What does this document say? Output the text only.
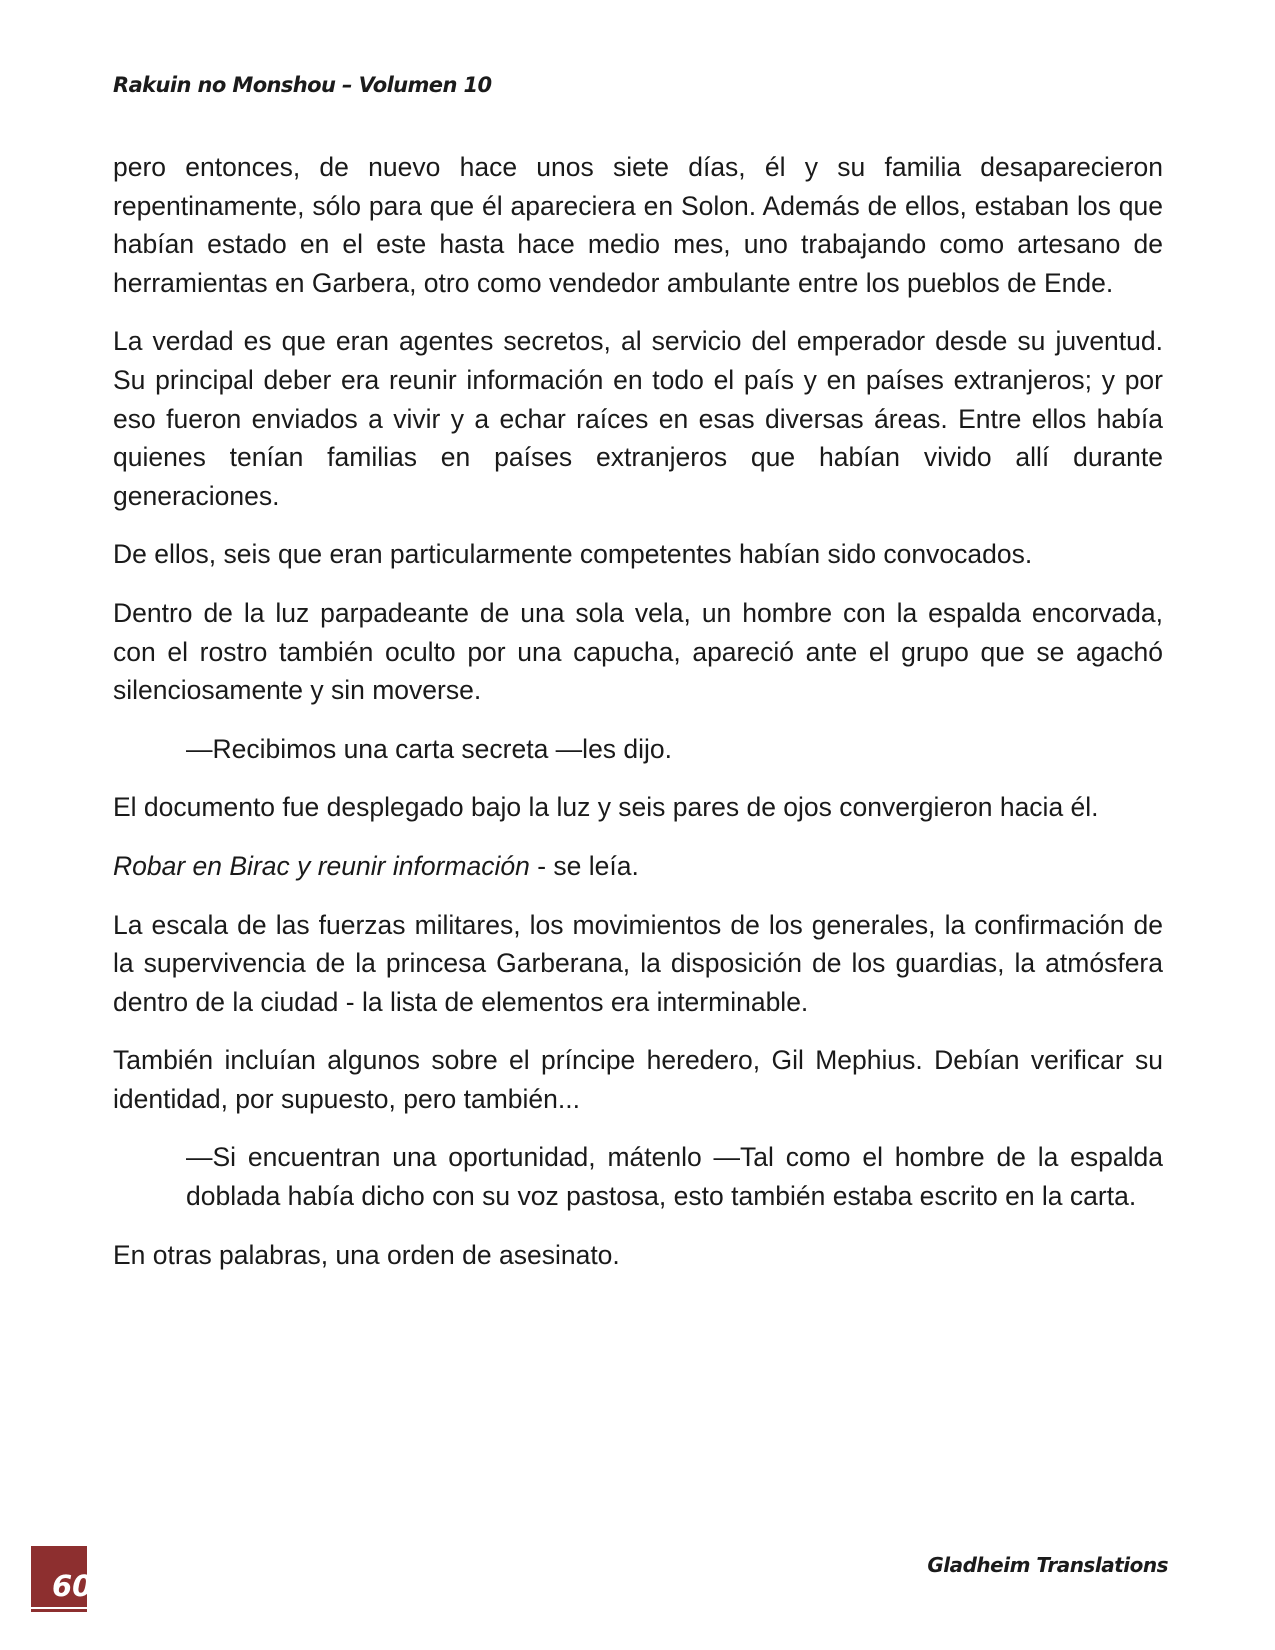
Rakuin no Monshou – Volumen 10

pero entonces, de nuevo hace unos siete días, él y su familia desaparecieron repentinamente, sólo para que él apareciera en Solon. Además de ellos, estaban los que habían estado en el este hasta hace medio mes, uno trabajando como artesano de herramientas en Garbera, otro como vendedor ambulante entre los pueblos de Ende.

La verdad es que eran agentes secretos, al servicio del emperador desde su juventud. Su principal deber era reunir información en todo el país y en países extranjeros; y por eso fueron enviados a vivir y a echar raíces en esas diversas áreas. Entre ellos había quienes tenían familias en países extranjeros que habían vivido allí durante generaciones.

De ellos, seis que eran particularmente competentes habían sido convocados.

Dentro de la luz parpadeante de una sola vela, un hombre con la espalda encorvada, con el rostro también oculto por una capucha, apareció ante el grupo que se agachó silenciosamente y sin moverse.

—Recibimos una carta secreta —les dijo.

El documento fue desplegado bajo la luz y seis pares de ojos convergieron hacia él.

Robar en Birac y reunir información - se leía.

La escala de las fuerzas militares, los movimientos de los generales, la confirmación de la supervivencia de la princesa Garberana, la disposición de los guardias, la atmósfera dentro de la ciudad - la lista de elementos era interminable.

También incluían algunos sobre el príncipe heredero, Gil Mephius. Debían verificar su identidad, por supuesto, pero también...

—Si encuentran una oportunidad, mátenlo —Tal como el hombre de la espalda doblada había dicho con su voz pastosa, esto también estaba escrito en la carta.

En otras palabras, una orden de asesinato.

60
Gladheim Translations
